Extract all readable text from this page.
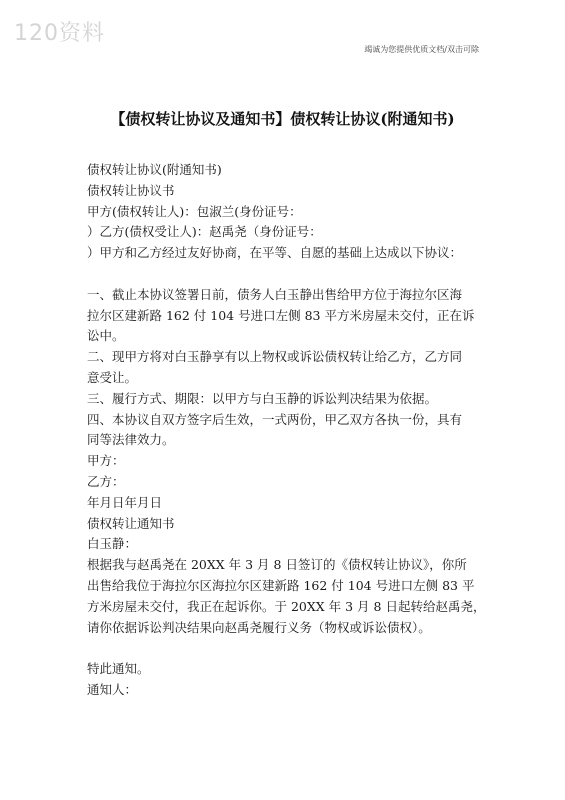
120资料
竭诚为您提供优质文档/双击可除
【债权转让协议及通知书】债权转让协议(附通知书)
债权转让协议(附通知书)
债权转让协议书
甲方(债权转让人)：包淑兰(身份证号：
）乙方(债权受让人)：赵禹尧（身份证号：
）甲方和乙方经过友好协商，在平等、自愿的基础上达成以下协议：
一、截止本协议签署日前，债务人白玉静出售给甲方位于海拉尔区海
拉尔区建新路 162 付 104 号进口左侧 83 平方米房屋未交付，正在诉
讼中。
二、现甲方将对白玉静享有以上物权或诉讼债权转让给乙方，乙方同
意受让。
三、履行方式、期限：以甲方与白玉静的诉讼判决结果为依据。
四、本协议自双方签字后生效，一式两份，甲乙双方各执一份，具有
同等法律效力。
甲方：
乙方：
年月日年月日
债权转让通知书
白玉静：
根据我与赵禹尧在 20XX 年 3 月 8 日签订的《债权转让协议》，你所
出售给我位于海拉尔区海拉尔区建新路 162 付 104 号进口左侧 83 平
方米房屋未交付，我正在起诉你。于 20XX 年 3 月 8 日起转给赵禹尧，
请你依据诉讼判决结果向赵禹尧履行义务（物权或诉讼债权）。
特此通知。
通知人：
